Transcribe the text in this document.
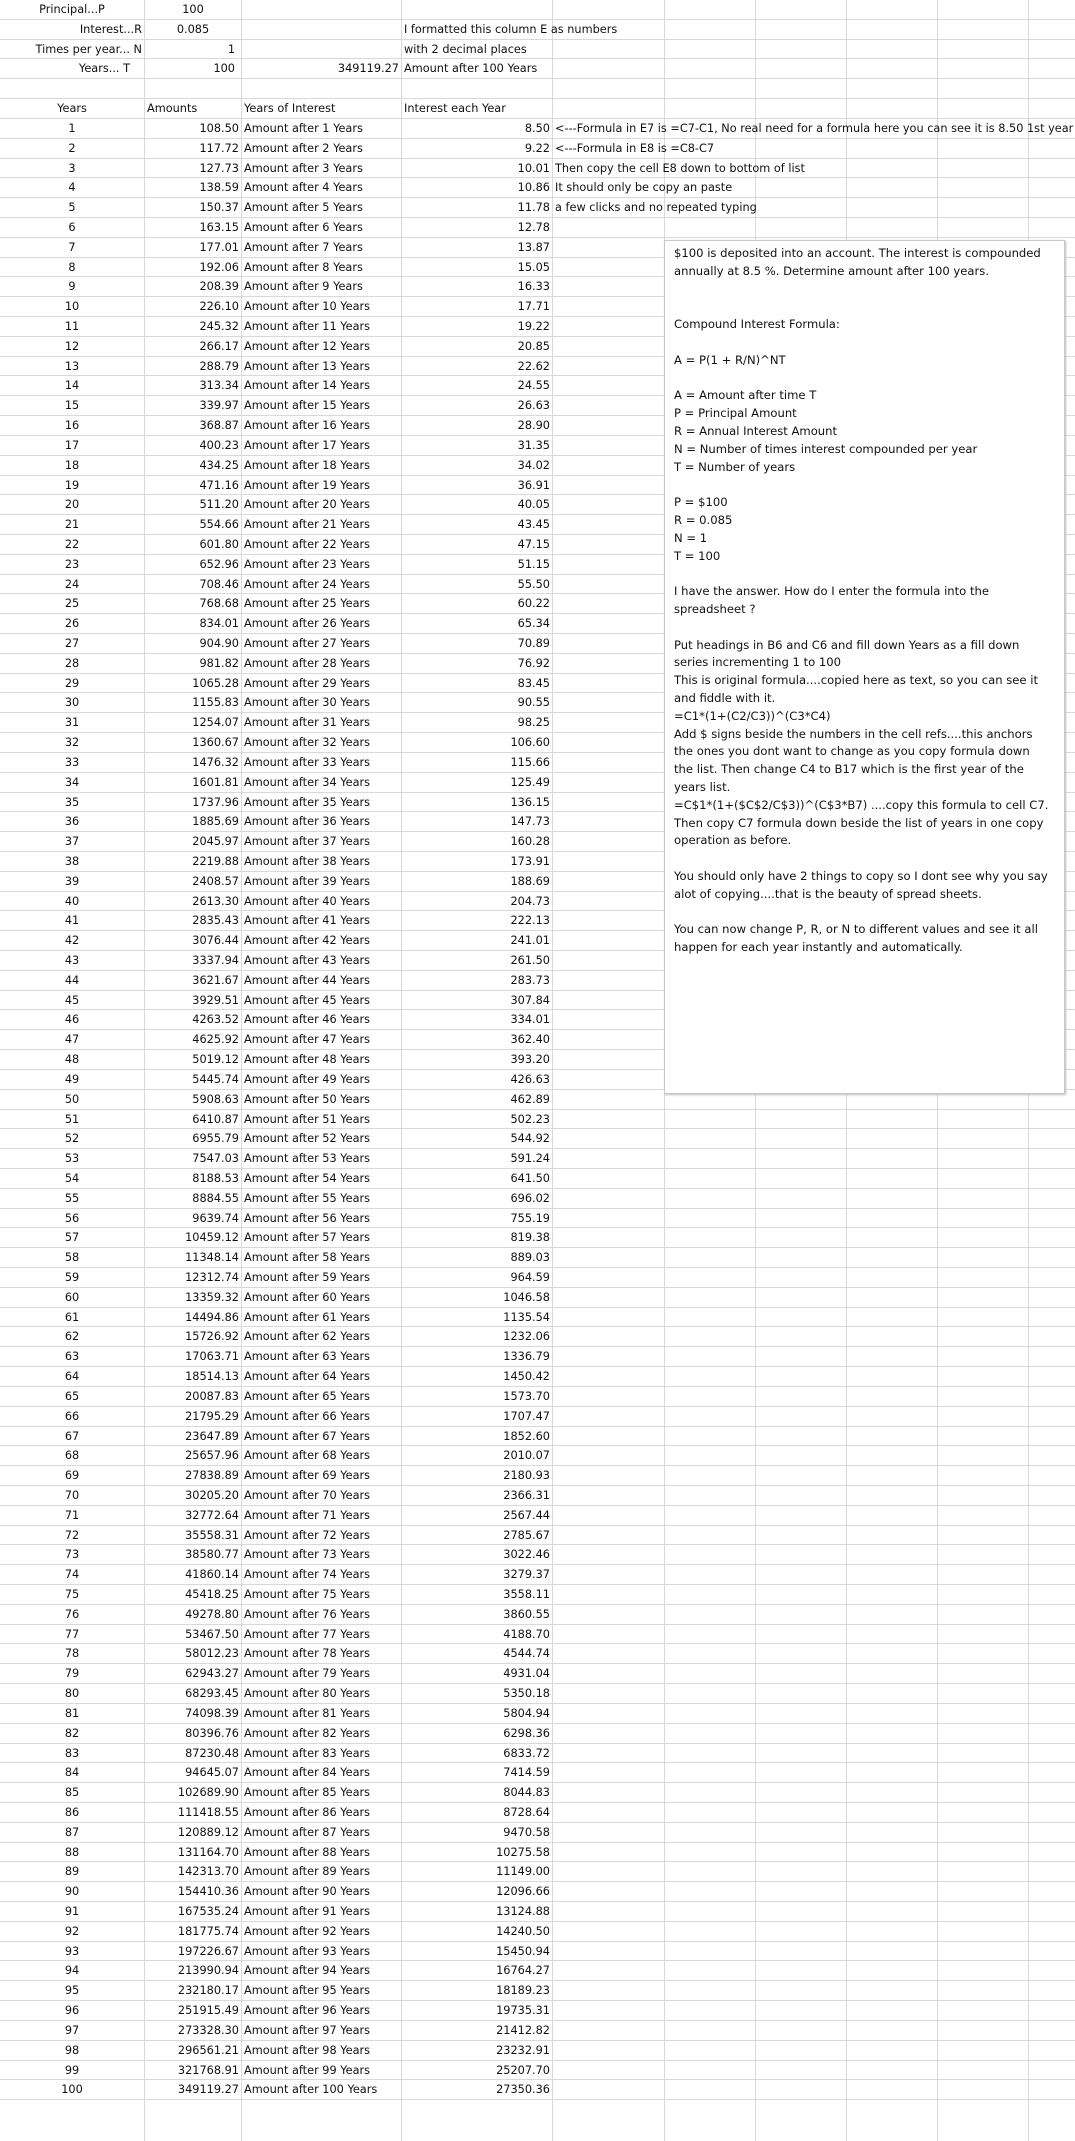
Principal...P	100
Interest...R	0.085	I formatted this column E as numbers
Times per year... N	1	with 2 decimal places
Years... T	100	349119.27 Amount after 100 Years
Years	Amounts	Years of Interest	Interest each Year
1	108.50 Amount after 1 Years	8.50 <---Formula in E7 is =C7-C1, No real need for a formula here you can see it is 8.50 1st year
2	117.72 Amount after 2 Years	9.22 <---Formula in E8 is =C8-C7
3	127.73 Amount after 3 Years	10.01 Then copy the cell E8 down to bottom of list
4	138.59 Amount after 4 Years	10.86 It should only be copy an paste
5	150.37 Amount after 5 Years	11.78 a few clicks and no repeated typing
6	163.15 Amount after 6 Years	12.78
7	177.01 Amount after 7 Years	13.87
8	192.06 Amount after 8 Years	15.05
9	208.39 Amount after 9 Years	16.33
10	226.10 Amount after 10 Years	17.71
11	245.32 Amount after 11 Years	19.22
12	266.17 Amount after 12 Years	20.85
13	288.79 Amount after 13 Years	22.62
14	313.34 Amount after 14 Years	24.55
15	339.97 Amount after 15 Years	26.63
16	368.87 Amount after 16 Years	28.90
17	400.23 Amount after 17 Years	31.35
18	434.25 Amount after 18 Years	34.02
19	471.16 Amount after 19 Years	36.91
20	511.20 Amount after 20 Years	40.05
21	554.66 Amount after 21 Years	43.45
22	601.80 Amount after 22 Years	47.15
23	652.96 Amount after 23 Years	51.15
24	708.46 Amount after 24 Years	55.50
25	768.68 Amount after 25 Years	60.22
26	834.01 Amount after 26 Years	65.34
27	904.90 Amount after 27 Years	70.89
28	981.82 Amount after 28 Years	76.92
29	1065.28 Amount after 29 Years	83.45
30	1155.83 Amount after 30 Years	90.55
31	1254.07 Amount after 31 Years	98.25
32	1360.67 Amount after 32 Years	106.60
33	1476.32 Amount after 33 Years	115.66
34	1601.81 Amount after 34 Years	125.49
35	1737.96 Amount after 35 Years	136.15
36	1885.69 Amount after 36 Years	147.73
37	2045.97 Amount after 37 Years	160.28
38	2219.88 Amount after 38 Years	173.91
39	2408.57 Amount after 39 Years	188.69
40	2613.30 Amount after 40 Years	204.73
41	2835.43 Amount after 41 Years	222.13
42	3076.44 Amount after 42 Years	241.01
43	3337.94 Amount after 43 Years	261.50
44	3621.67 Amount after 44 Years	283.73
45	3929.51 Amount after 45 Years	307.84
46	4263.52 Amount after 46 Years	334.01
47	4625.92 Amount after 47 Years	362.40
48	5019.12 Amount after 48 Years	393.20
49	5445.74 Amount after 49 Years	426.63
50	5908.63 Amount after 50 Years	462.89
51	6410.87 Amount after 51 Years	502.23
52	6955.79 Amount after 52 Years	544.92
53	7547.03 Amount after 53 Years	591.24
54	8188.53 Amount after 54 Years	641.50
55	8884.55 Amount after 55 Years	696.02
56	9639.74 Amount after 56 Years	755.19
57	10459.12 Amount after 57 Years	819.38
58	11348.14 Amount after 58 Years	889.03
59	12312.74 Amount after 59 Years	964.59
60	13359.32 Amount after 60 Years	1046.58
61	14494.86 Amount after 61 Years	1135.54
62	15726.92 Amount after 62 Years	1232.06
63	17063.71 Amount after 63 Years	1336.79
64	18514.13 Amount after 64 Years	1450.42
65	20087.83 Amount after 65 Years	1573.70
66	21795.29 Amount after 66 Years	1707.47
67	23647.89 Amount after 67 Years	1852.60
68	25657.96 Amount after 68 Years	2010.07
69	27838.89 Amount after 69 Years	2180.93
70	30205.20 Amount after 70 Years	2366.31
71	32772.64 Amount after 71 Years	2567.44
72	35558.31 Amount after 72 Years	2785.67
73	38580.77 Amount after 73 Years	3022.46
74	41860.14 Amount after 74 Years	3279.37
75	45418.25 Amount after 75 Years	3558.11
76	49278.80 Amount after 76 Years	3860.55
77	53467.50 Amount after 77 Years	4188.70
78	58012.23 Amount after 78 Years	4544.74
79	62943.27 Amount after 79 Years	4931.04
80	68293.45 Amount after 80 Years	5350.18
81	74098.39 Amount after 81 Years	5804.94
82	80396.76 Amount after 82 Years	6298.36
83	87230.48 Amount after 83 Years	6833.72
84	94645.07 Amount after 84 Years	7414.59
85	102689.90 Amount after 85 Years	8044.83
86	111418.55 Amount after 86 Years	8728.64
87	120889.12 Amount after 87 Years	9470.58
88	131164.70 Amount after 88 Years	10275.58
89	142313.70 Amount after 89 Years	11149.00
90	154410.36 Amount after 90 Years	12096.66
91	167535.24 Amount after 91 Years	13124.88
92	181775.74 Amount after 92 Years	14240.50
93	197226.67 Amount after 93 Years	15450.94
94	213990.94 Amount after 94 Years	16764.27
95	232180.17 Amount after 95 Years	18189.23
96	251915.49 Amount after 96 Years	19735.31
97	273328.30 Amount after 97 Years	21412.82
98	296561.21 Amount after 98 Years	23232.91
99	321768.91 Amount after 99 Years	25207.70
100	349119.27 Amount after 100 Years	27350.36

$100 is deposited into an account. The interest is compounded

annually at 8.5 %. Determine amount after 100 years.

Compound Interest Formula:

A = P(1 + R/N)^NT

A = Amount after time T

P = Principal Amount

R = Annual Interest Amount

N = Number of times interest compounded per year

T = Number of years

P = $100

R = 0.085

N = 1

T = 100

I have the answer. How do I enter the formula into the

spreadsheet ?

Put headings in B6 and C6 and fill down Years as a fill down

series incrementing 1 to 100

This is original formula....copied here as text, so you can see it

and fiddle with it.

=C1*(1+(C2/C3))^(C3*C4)

Add $ signs beside the numbers in the cell refs....this anchors

the ones you dont want to change as you copy formula down

the list. Then change C4 to B17 which is the first year of the

years list.

=C$1*(1+($C$2/C$3))^(C$3*B7) ....copy this formula to cell C7.

Then copy C7 formula down beside the list of years in one copy

operation as before.

You should only have 2 things to copy so I dont see why you say

alot of copying....that is the beauty of spread sheets.

You can now change P, R, or N to different values and see it all

happen for each year instantly and automatically.
